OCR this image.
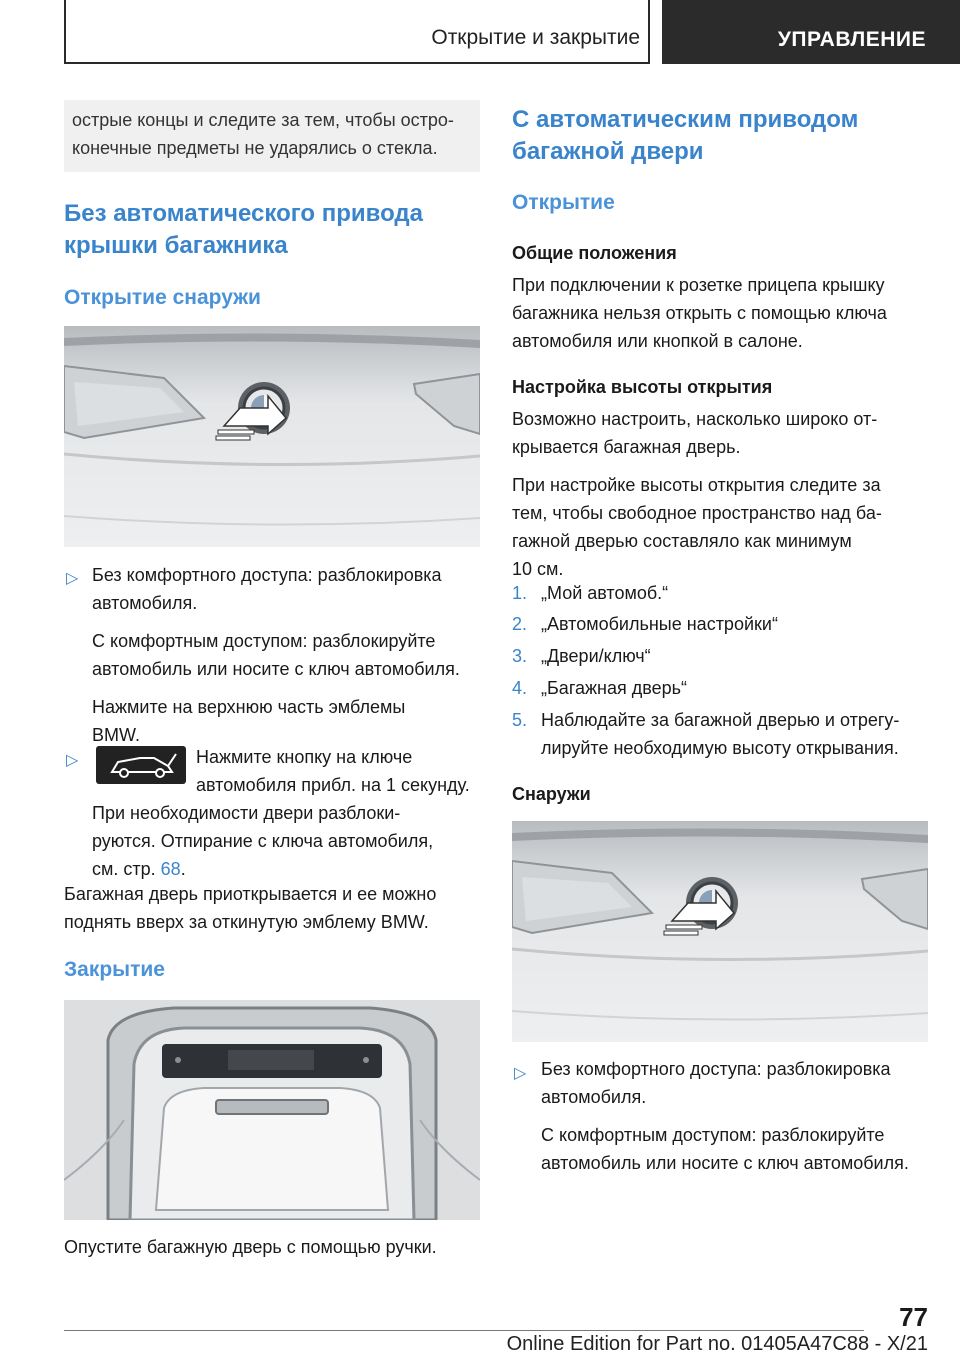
Открытие и закрытие	УПРАВЛЕНИЕ
острые концы и следите за тем, чтобы остро‐
конечные предметы не ударялись о стекла.
Без автоматического привода
крышки багажника
Открытие снаружи
▷ Без комфортного доступа: разблокировка
автомобиля.
С комфортным доступом: разблокируйте
автомобиль или носите с ключ автомобиля.
Нажмите на верхнюю часть эмблемы
BMW.
▷	Нажмите кнопку на ключе
автомобиля прибл. на 1 секунду.
При необходимости двери разблоки‐
руются. Отпирание с ключа автомобиля,
см. стр. 68.
Багажная дверь приоткрывается и ее можно
поднять вверх за откинутую эмблему BMW.
Закрытие
Опустите багажную дверь с помощью ручки.
С автоматическим приводом
багажной двери
Открытие
Общие положения
При подключении к розетке прицепа крышку
багажника нельзя открыть с помощью ключа
автомобиля или кнопкой в салоне.
Настройка высоты открытия
Возможно настроить, насколько широко от‐
крывается багажная дверь.
При настройке высоты открытия следите за
тем, чтобы свободное пространство над ба‐
гажной дверью составляло как минимум
10 см.
1. „Мой автомоб.“
2. „Автомобильные настройки“
3. „Двери/ключ“
4. „Багажная дверь“
5. Наблюдайте за багажной дверью и отрегу‐
лируйте необходимую высоту открывания.
Снаружи
▷ Без комфортного доступа: разблокировка
автомобиля.
С комфортным доступом: разблокируйте
автомобиль или носите с ключ автомобиля.
77
Online Edition for Part no. 01405A47C88 - X/21
